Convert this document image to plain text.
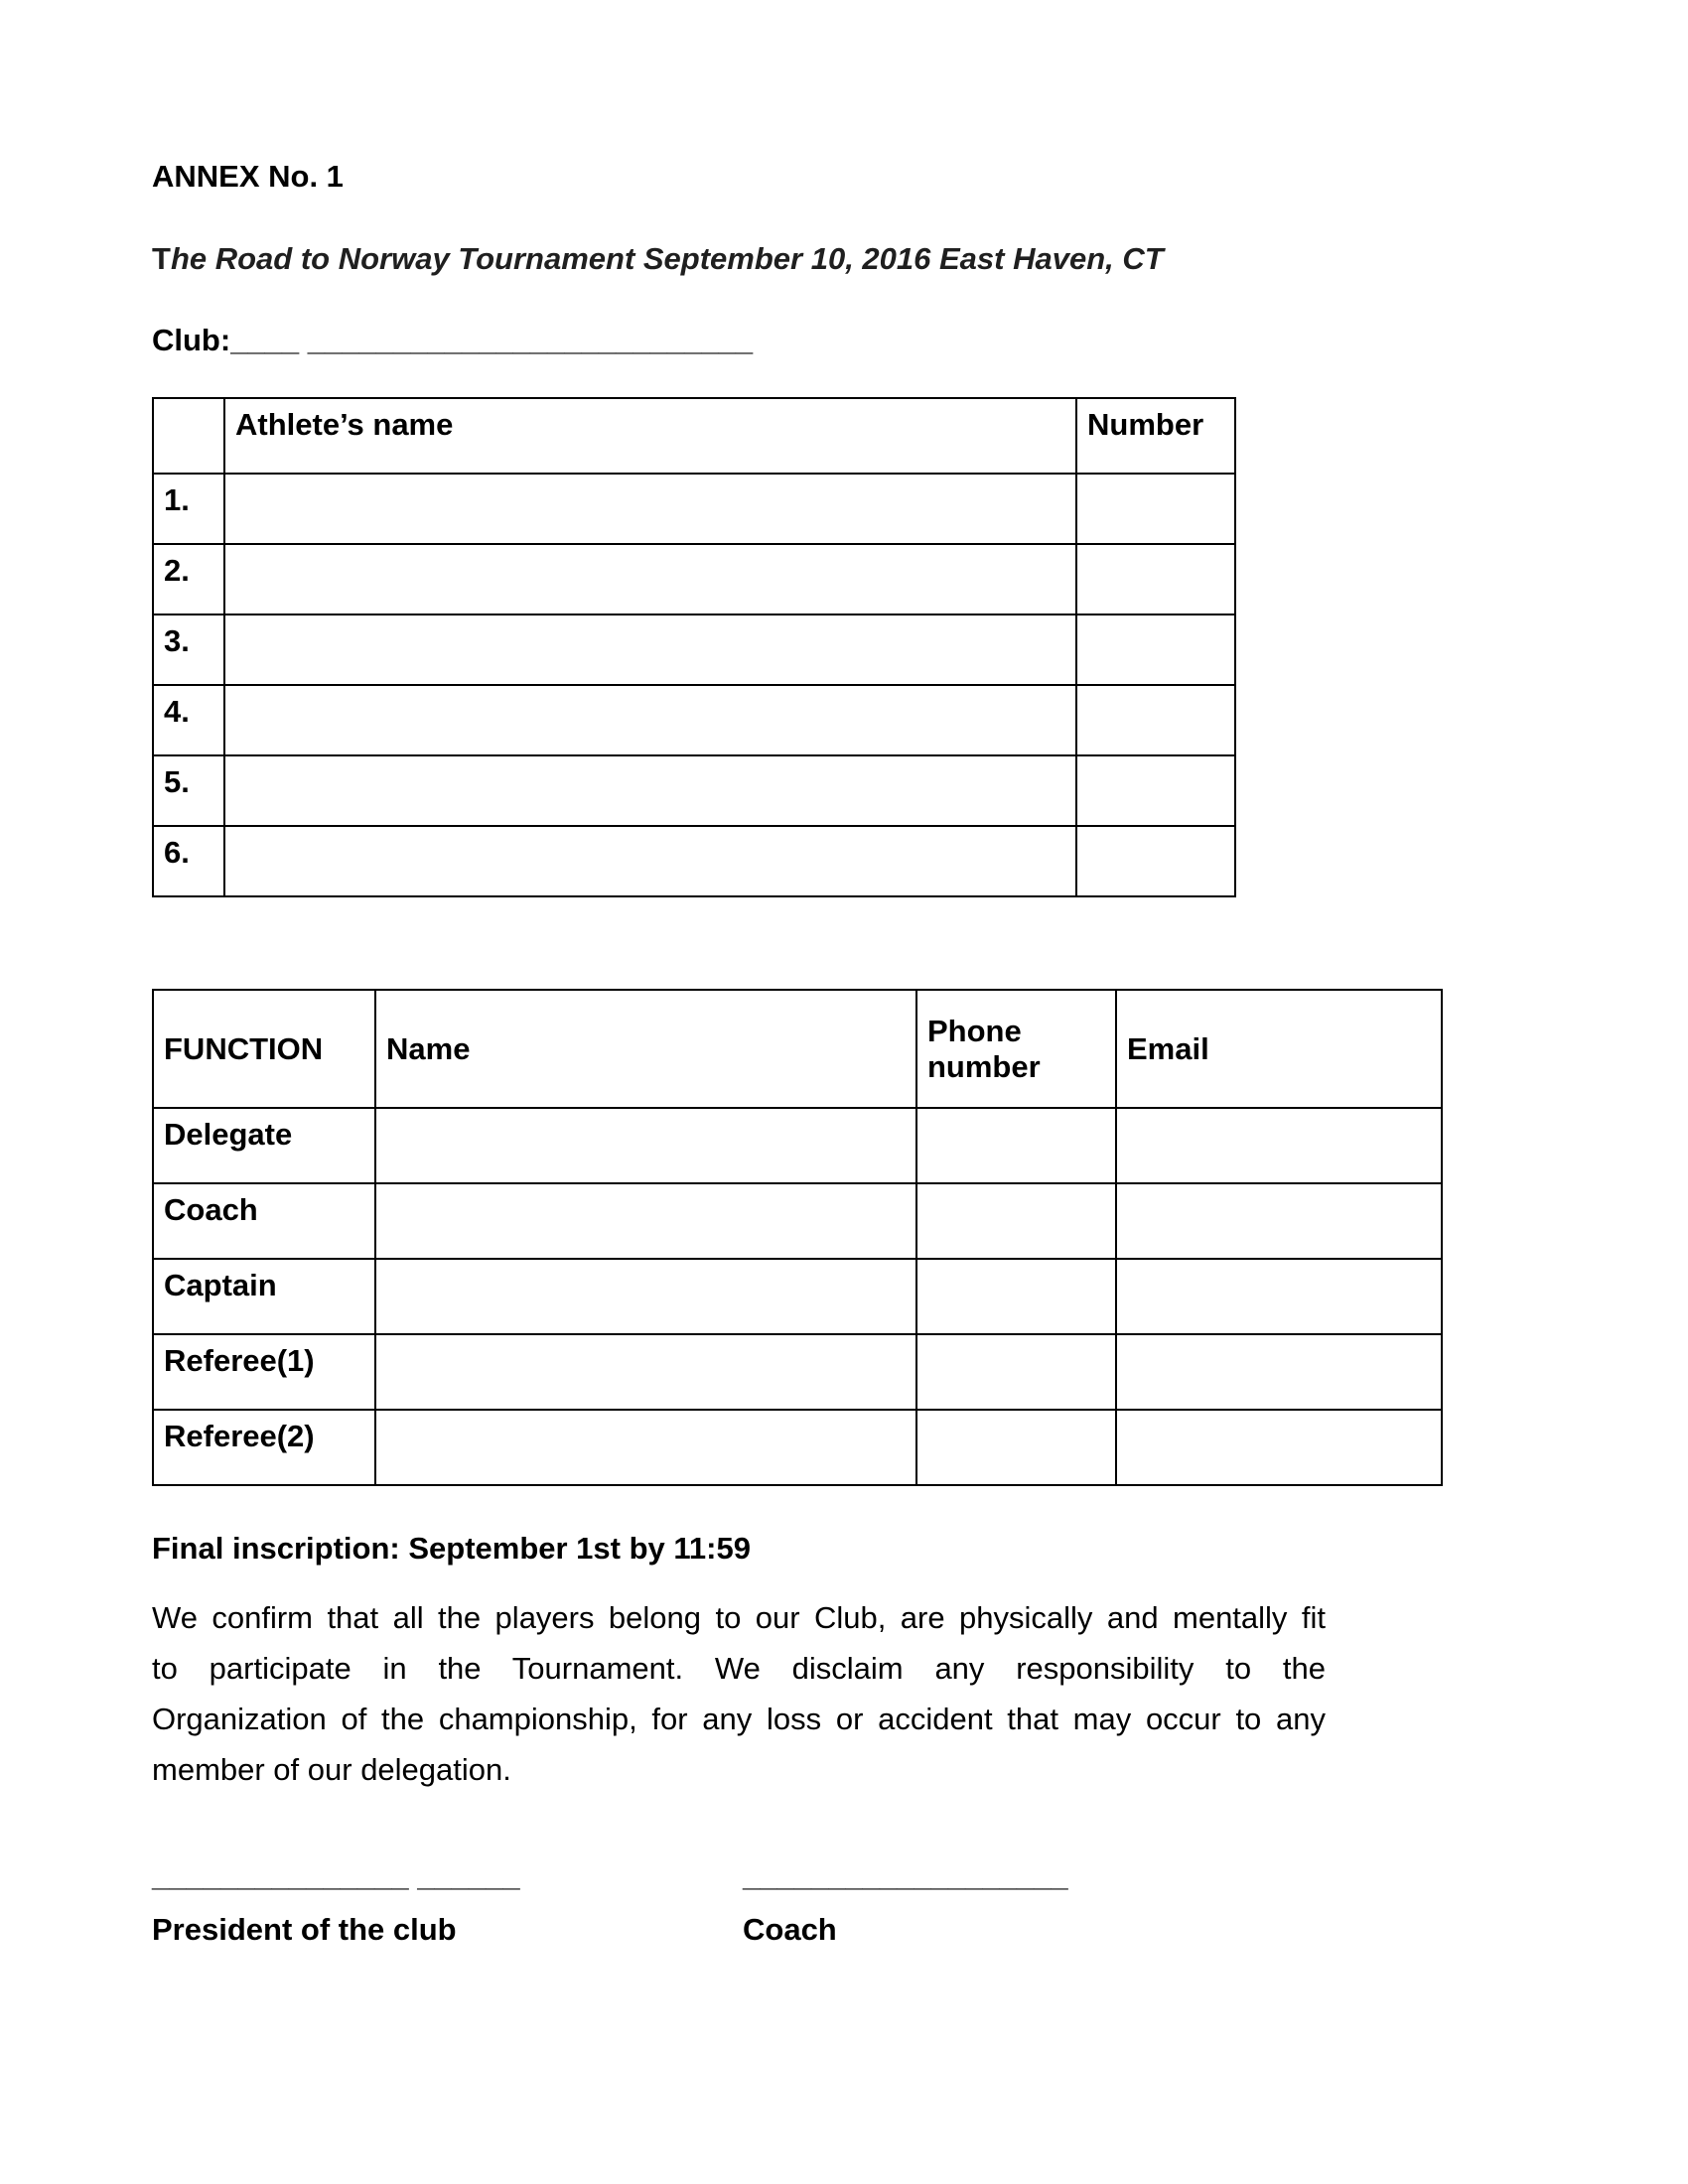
ANNEX No. 1
The Road to Norway Tournament September 10, 2016 East Haven, CT
Club:____ __________________________
	Athlete’s name	Number
1.		
2.		
3.		
4.		
5.		
6.		
FUNCTION	Name	Phone number	Email
Delegate			
Coach			
Captain			
Referee(1)			
Referee(2)			
Final inscription: September 1st by 11:59
We confirm that all the players belong to our Club, are physically and mentally fit
to participate in the Tournament. We disclaim any responsibility to the
Organization of the championship, for any loss or accident that may occur to any
member of our delegation.
_______________ ______
President of the club
___________________
Coach
